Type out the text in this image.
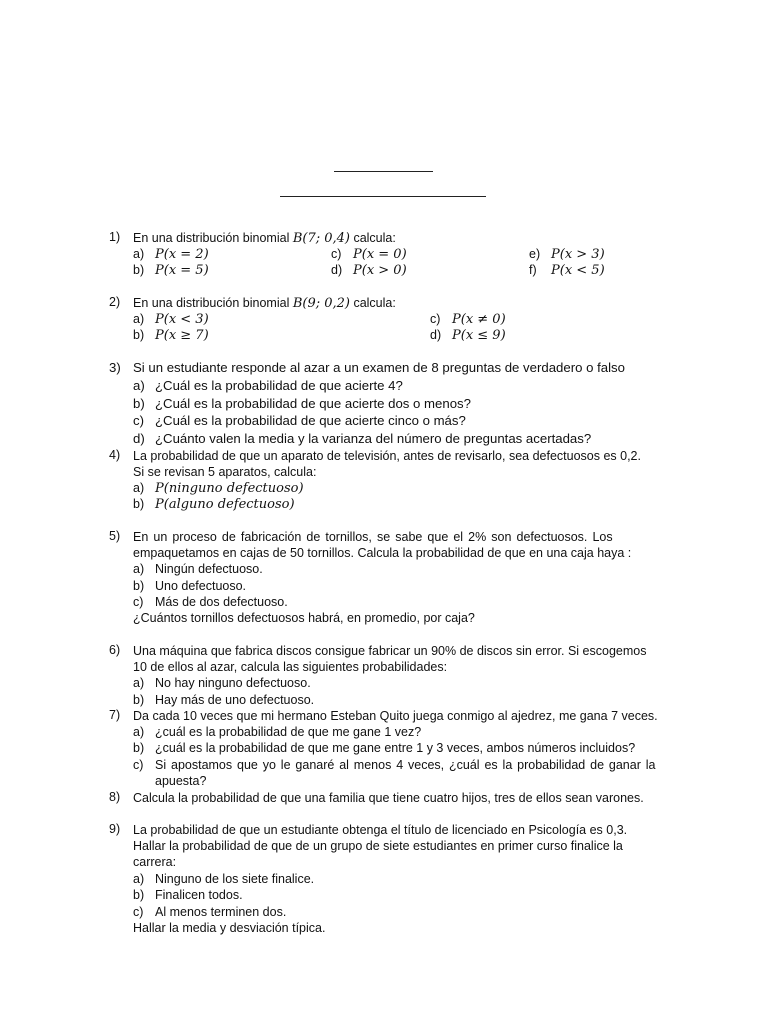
1) En una distribución binomial B(7; 0,4) calcula:
a) P(x = 2)
b) P(x = 5)
c) P(x = 0)
d) P(x > 0)
e) P(x > 3)
f) P(x < 5)
2) En una distribución binomial B(9; 0,2) calcula:
a) P(x < 3)
b) P(x ≥ 7)
c) P(x ≠ 0)
d) P(x ≤ 9)
3) Si un estudiante responde al azar a un examen de 8 preguntas de verdadero o falso
a) ¿Cuál es la probabilidad de que acierte 4?
b) ¿Cuál es la probabilidad de que acierte dos o menos?
c) ¿Cuál es la probabilidad de que acierte cinco o más?
d) ¿Cuánto valen la media y la varianza del número de preguntas acertadas?
4) La probabilidad de que un aparato de televisión, antes de revisarlo, sea defectuosos es 0,2.
Si se revisan 5 aparatos, calcula:
a) P(ninguno defectuoso)
b) P(alguno defectuoso)
5) En un proceso de fabricación de tornillos, se sabe que el 2% son defectuosos. Los
empaquetamos en cajas de 50 tornillos. Calcula la probabilidad de que en una caja haya :
a) Ningún defectuoso.
b) Uno defectuoso.
c) Más de dos defectuoso.
¿Cuántos tornillos defectuosos habrá, en promedio, por caja?
6) Una máquina que fabrica discos consigue fabricar un 90% de discos sin error. Si escogemos
10 de ellos al azar, calcula las siguientes probabilidades:
a) No hay ninguno defectuoso.
b) Hay más de uno defectuoso.
7) Da cada 10 veces que mi hermano Esteban Quito juega conmigo al ajedrez, me gana 7 veces.
a) ¿cuál es la probabilidad de que me gane 1 vez?
b) ¿cuál es la probabilidad de que me gane entre 1 y 3 veces, ambos números incluidos?
c) Si apostamos que yo le ganaré al menos 4 veces, ¿cuál es la probabilidad de ganar la
apuesta?
8) Calcula la probabilidad de que una familia que tiene cuatro hijos, tres de ellos sean varones.
9) La probabilidad de que un estudiante obtenga el título de licenciado en Psicología es 0,3.
Hallar la probabilidad de que de un grupo de siete estudiantes en primer curso finalice la
carrera:
a) Ninguno de los siete finalice.
b) Finalicen todos.
c) Al menos terminen dos.
Hallar la media y desviación típica.
